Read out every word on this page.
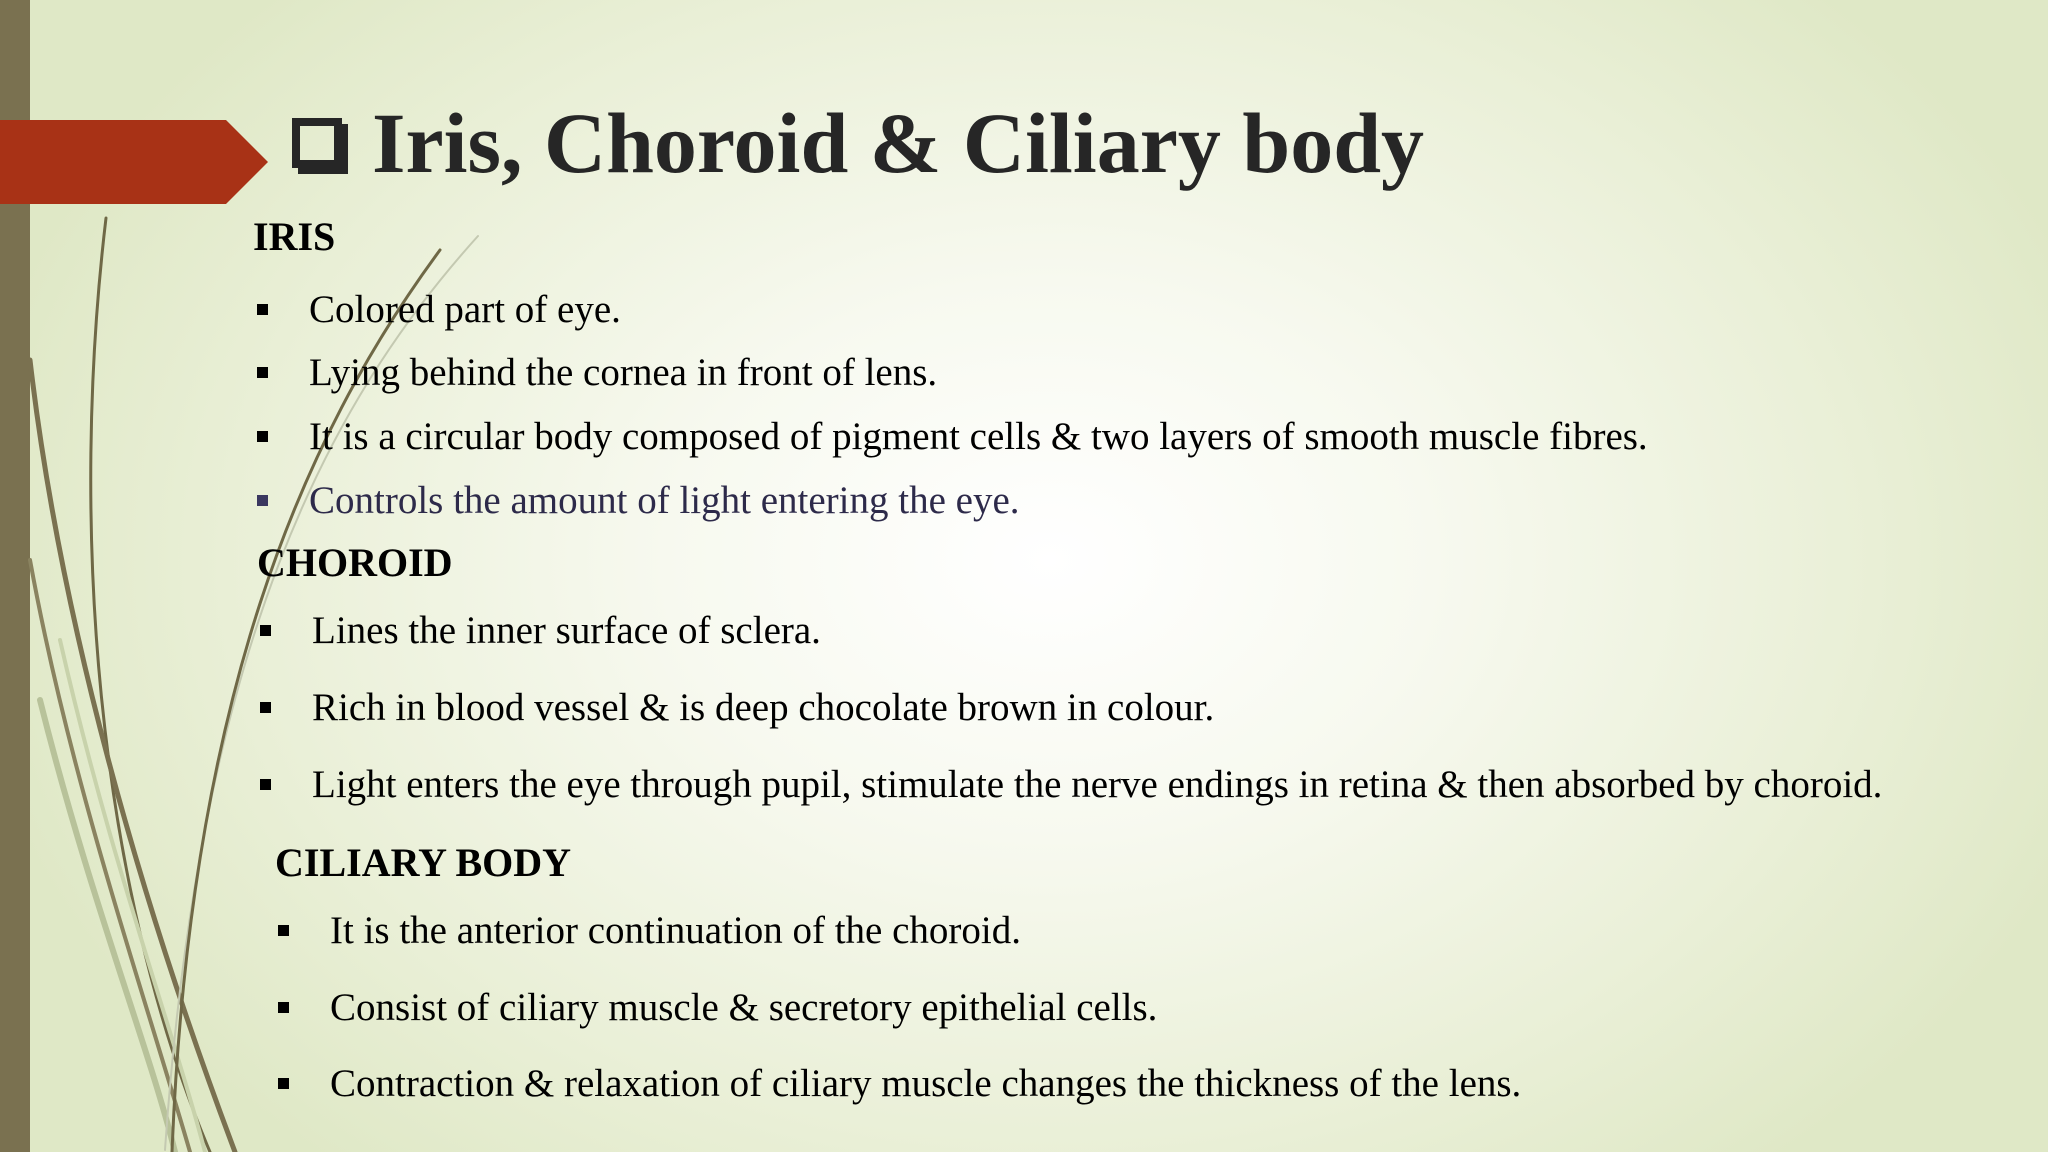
Iris, Choroid & Ciliary body
IRIS
Colored part of eye.
Lying behind the cornea in front of lens.
It is a circular body composed of pigment cells & two layers of smooth muscle fibres.
Controls the amount of light entering the eye.
CHOROID
Lines the inner surface of sclera.
Rich in blood vessel & is deep chocolate brown in colour.
Light enters the eye through pupil, stimulate the nerve endings in retina & then absorbed by choroid.
CILIARY BODY
It is the anterior continuation of the choroid.
Consist of ciliary muscle & secretory epithelial cells.
Contraction & relaxation of ciliary muscle changes the thickness of the lens.
